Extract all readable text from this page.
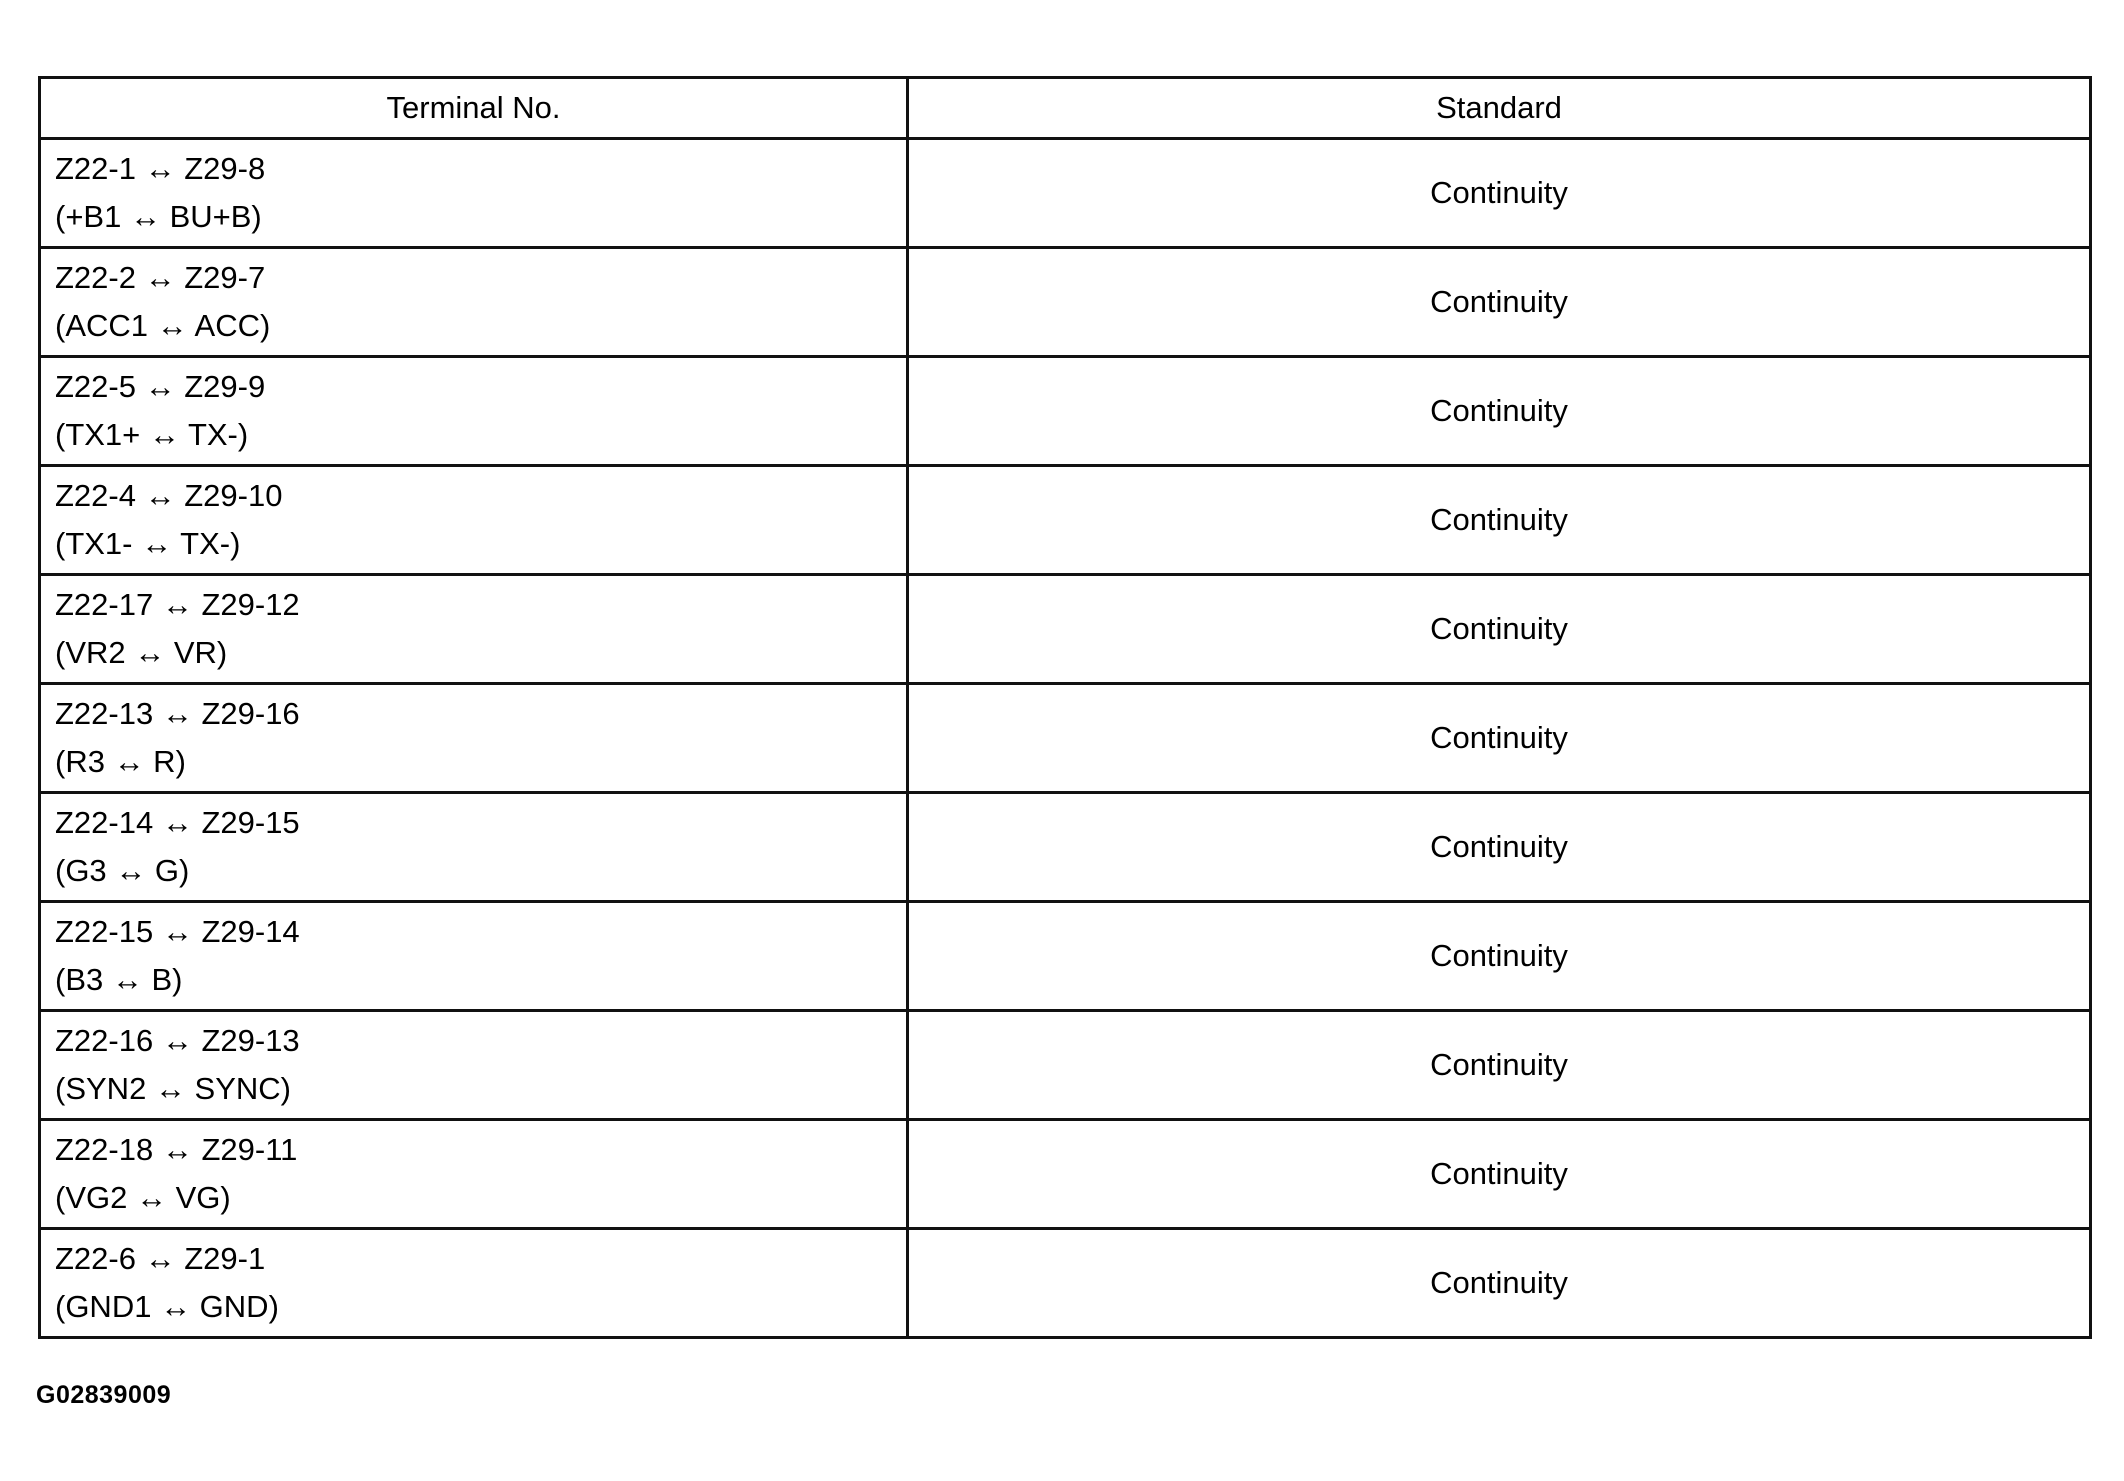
Terminal No.	Standard

Z22-1 ↔ Z29-8
(+B1 ↔ BU+B)	Continuity

Z22-2 ↔ Z29-7
(ACC1 ↔ ACC)	Continuity

Z22-5 ↔ Z29-9
(TX1+ ↔ TX-)	Continuity

Z22-4 ↔ Z29-10
(TX1- ↔ TX-)	Continuity

Z22-17 ↔ Z29-12
(VR2 ↔ VR)	Continuity

Z22-13 ↔ Z29-16
(R3 ↔ R)	Continuity

Z22-14 ↔ Z29-15
(G3 ↔ G)	Continuity

Z22-15 ↔ Z29-14
(B3 ↔ B)	Continuity

Z22-16 ↔ Z29-13
(SYN2 ↔ SYNC)	Continuity

Z22-18 ↔ Z29-11
(VG2 ↔ VG)	Continuity

Z22-6 ↔ Z29-1
(GND1 ↔ GND)	Continuity
G02839009
